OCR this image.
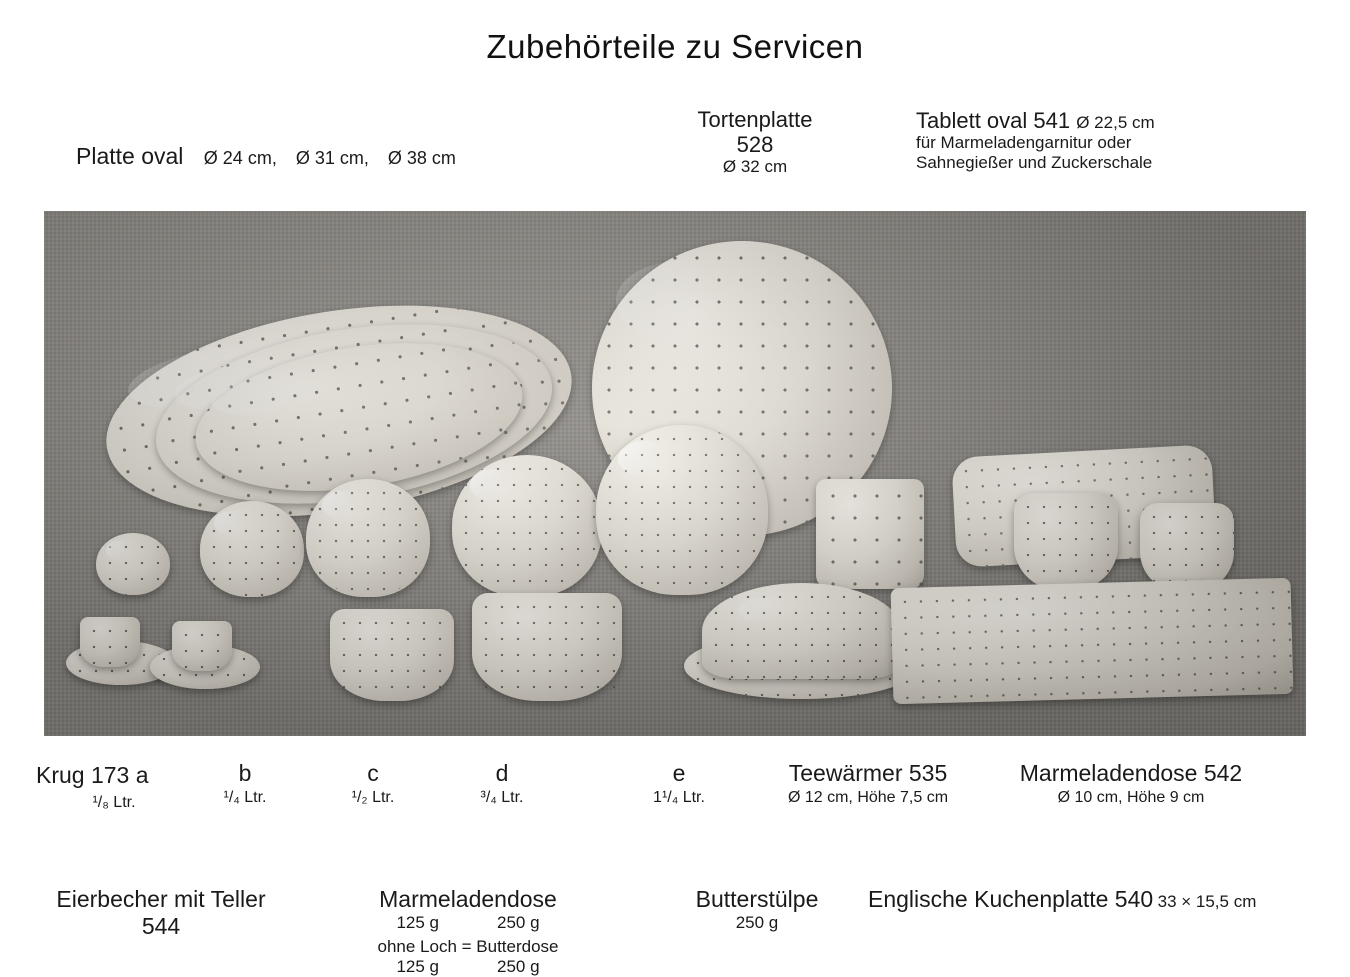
Zubehörteile zu Servicen
Platte oval Ø 24 cm, Ø 31 cm, Ø 38 cm
Tortenplatte
528
Ø 32 cm
Tablett oval 541 Ø 22,5 cm
für Marmeladengarnitur oder
Sahnegießer und Zuckerschale
Krug 173 a
¹/₈ Ltr.
b
¹/₄ Ltr.
c
¹/₂ Ltr.
d
³/₄ Ltr.
e
1¹/₄ Ltr.
Teewärmer 535
Ø 12 cm, Höhe 7,5 cm
Marmeladendose 542
Ø 10 cm, Höhe 9 cm
Eierbecher mit Teller
544
Marmeladendose
125 g	250 g
ohne Loch = Butterdose
125 g	250 g
Butterstülpe
250 g
Englische Kuchenplatte 540 33 × 15,5 cm
